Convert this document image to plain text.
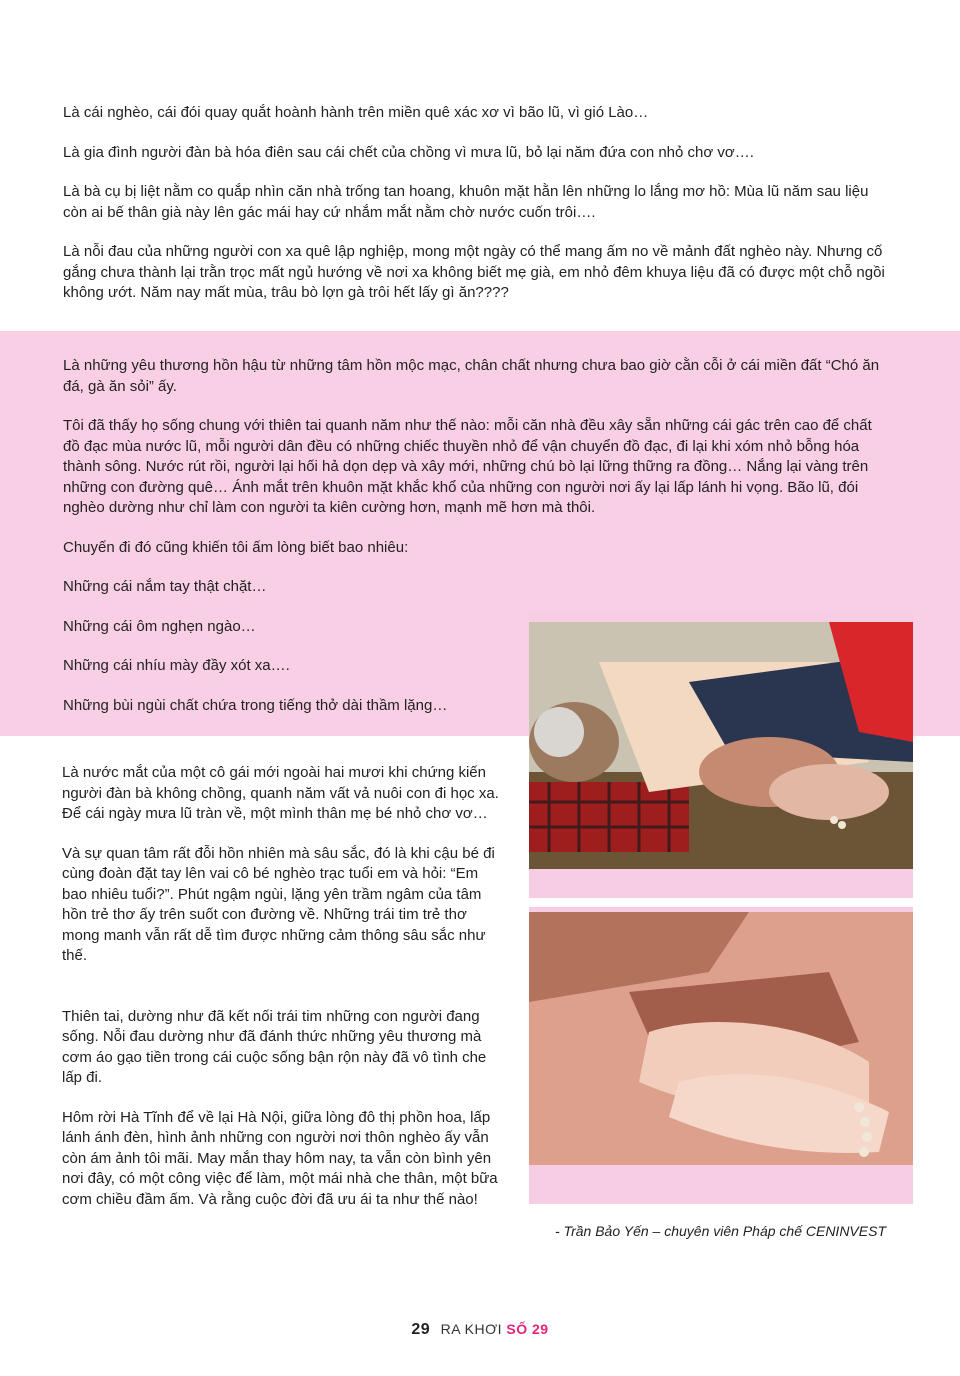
Là cái nghèo, cái đói quay quắt hoành hành trên miền quê xác xơ vì bão lũ, vì gió Lào…

Là gia đình người đàn bà hóa điên sau cái chết của chồng vì mưa lũ, bỏ lại năm đứa con nhỏ chơ vơ….

Là bà cụ bị liệt nằm co quắp nhìn căn nhà trống tan hoang, khuôn mặt hằn lên những lo lắng mơ hồ: Mùa lũ năm sau liệu còn ai bế thân già này lên gác mái hay cứ nhắm mắt nằm chờ nước cuốn trôi….

Là nỗi đau của những người con xa quê lập nghiệp, mong một ngày có thể mang ấm no về mảnh đất nghèo này. Nhưng cố gắng chưa thành lại trằn trọc mất ngủ hướng về nơi xa không biết mẹ già, em nhỏ đêm khuya liệu đã có được một chỗ ngồi không ướt. Năm nay mất mùa, trâu bò lợn gà trôi hết lấy gì ăn????

Là những yêu thương hồn hậu từ những tâm hồn mộc mạc, chân chất nhưng chưa bao giờ cằn cỗi ở cái miền đất “Chó ăn đá, gà ăn sỏi” ấy.

Tôi đã thấy họ sống chung với thiên tai quanh năm như thế nào: mỗi căn nhà đều xây sẵn những cái gác trên cao để chất đồ đạc mùa nước lũ, mỗi người dân đều có những chiếc thuyền nhỏ để vận chuyển đồ đạc, đi lại khi xóm nhỏ bỗng hóa thành sông. Nước rút rồi, người lại hối hả dọn dẹp và xây mới, những chú bò lại lững thững ra đồng… Nắng lại vàng trên những con đường quê… Ánh mắt trên khuôn mặt khắc khổ của những con người nơi ấy lại lấp lánh hi vọng. Bão lũ, đói nghèo dường như chỉ làm con người ta kiên cường hơn, mạnh mẽ hơn mà thôi.

Chuyến đi đó cũng khiến tôi ấm lòng biết bao nhiêu:

Những cái nắm tay thật chặt…

Những cái ôm nghẹn ngào…

Những cái nhíu mày đầy xót xa….

Những bùi ngùi chất chứa trong tiếng thở dài thầm lặng…

Là nước mắt của một cô gái mới ngoài hai mươi khi chứng kiến người đàn bà không chồng, quanh năm vất vả nuôi con đi học xa. Để cái ngày mưa lũ tràn về, một mình thân mẹ bé nhỏ chơ vơ…

Và sự quan tâm rất đỗi hồn nhiên mà sâu sắc, đó là khi cậu bé đi cùng đoàn đặt tay lên vai cô bé nghèo trạc tuổi em và hỏi: “Em bao nhiêu tuổi?”. Phút ngậm ngùi, lặng yên trầm ngâm của tâm hồn trẻ thơ ấy trên suốt con đường về. Những trái tim trẻ thơ mong manh vẫn rất dễ tìm được những cảm thông sâu sắc như thế.

Thiên tai, dường như đã kết nối trái tim những con người đang sống. Nỗi đau dường như đã đánh thức những yêu thương mà cơm áo gạo tiền trong cái cuộc sống bận rộn này đã vô tình che lấp đi.

Hôm rời Hà Tĩnh để về lại Hà Nội, giữa lòng đô thị phồn hoa, lấp lánh ánh đèn, hình ảnh những con người nơi thôn nghèo ấy vẫn còn ám ảnh tôi mãi. May mắn thay hôm nay, ta vẫn còn bình yên nơi đây, có một công việc để làm, một mái nhà che thân, một bữa cơm chiều đầm ấm. Và rằng cuộc đời đã ưu ái ta như thế nào!

- Trần Bảo Yến – chuyên viên Pháp chế CENINVEST
29 RA KHƠI SỐ 29
